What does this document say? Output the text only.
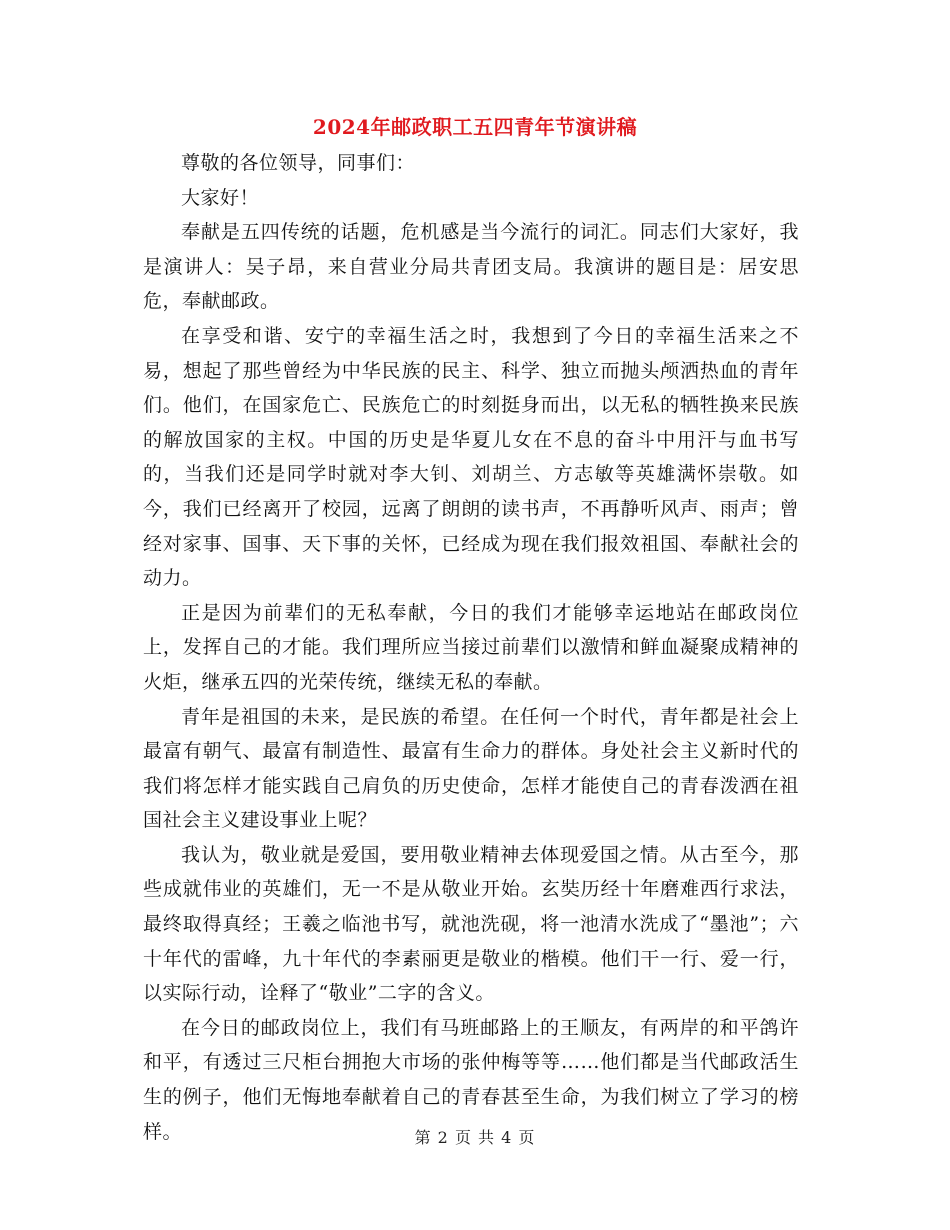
2024年邮政职工五四青年节演讲稿

尊敬的各位领导，同事们：

大家好！

奉献是五四传统的话题，危机感是当今流行的词汇。同志们大家好，我是演讲人：吴子昂，来自营业分局共青团支局。我演讲的题目是：居安思危，奉献邮政。

在享受和谐、安宁的幸福生活之时，我想到了今日的幸福生活来之不易，想起了那些曾经为中华民族的民主、科学、独立而抛头颅洒热血的青年们。他们，在国家危亡、民族危亡的时刻挺身而出，以无私的牺牲换来民族的解放国家的主权。中国的历史是华夏儿女在不息的奋斗中用汗与血书写的，当我们还是同学时就对李大钊、刘胡兰、方志敏等英雄满怀崇敬。如今，我们已经离开了校园，远离了朗朗的读书声，不再静听风声、雨声；曾经对家事、国事、天下事的关怀，已经成为现在我们报效祖国、奉献社会的动力。

正是因为前辈们的无私奉献，今日的我们才能够幸运地站在邮政岗位上，发挥自己的才能。我们理所应当接过前辈们以激情和鲜血凝聚成精神的火炬，继承五四的光荣传统，继续无私的奉献。

青年是祖国的未来，是民族的希望。在任何一个时代，青年都是社会上最富有朝气、最富有制造性、最富有生命力的群体。身处社会主义新时代的我们将怎样才能实践自己肩负的历史使命，怎样才能使自己的青春泼洒在祖国社会主义建设事业上呢？

我认为，敬业就是爱国，要用敬业精神去体现爱国之情。从古至今，那些成就伟业的英雄们，无一不是从敬业开始。玄奘历经十年磨难西行求法，最终取得真经；王羲之临池书写，就池洗砚，将一池清水洗成了“墨池”；六十年代的雷峰，九十年代的李素丽更是敬业的楷模。他们干一行、爱一行，以实际行动，诠释了“敬业”二字的含义。

在今日的邮政岗位上，我们有马班邮路上的王顺友，有两岸的和平鸽许和平，有透过三尺柜台拥抱大市场的张仲梅等等……他们都是当代邮政活生生的例子，他们无悔地奉献着自己的青春甚至生命，为我们树立了学习的榜样。	第 2 页 共 4 页
